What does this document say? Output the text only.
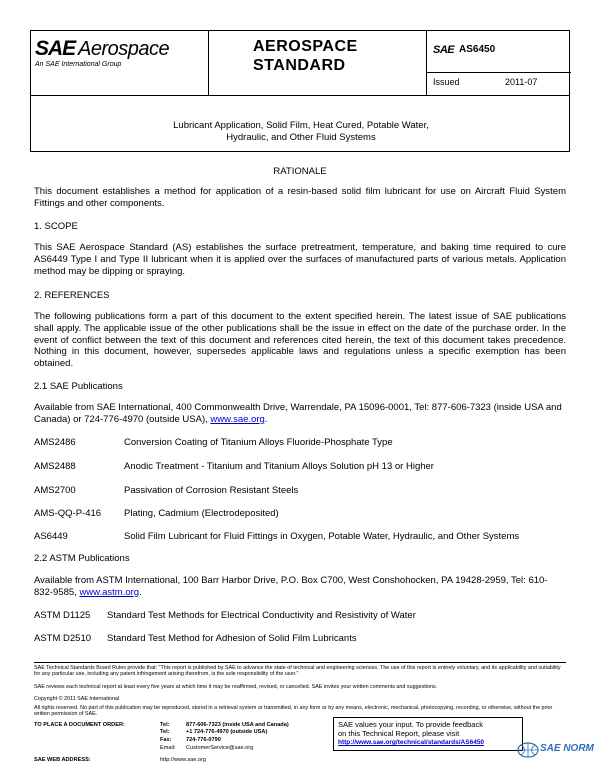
SAE Aerospace
An SAE International Group
AEROSPACE
STANDARD
SAE AS6450
Issued	2011-07
Lubricant Application, Solid Film, Heat Cured, Potable Water,
Hydraulic, and Other Fluid Systems
RATIONALE
This document establishes a method for application of a resin-based solid film lubricant for use on Aircraft Fluid System Fittings and other components.
1. SCOPE
This SAE Aerospace Standard (AS) establishes the surface pretreatment, temperature, and baking time required to cure AS6449 Type I and Type II lubricant when it is applied over the surfaces of manufactured parts of various metals. Application method may be dipping or spraying.
2. REFERENCES
The following publications form a part of this document to the extent specified herein. The latest issue of SAE publications shall apply. The applicable issue of the other publications shall be the issue in effect on the date of the purchase order. In the event of conflict between the text of this document and references cited herein, the text of this document takes precedence. Nothing in this document, however, supersedes applicable laws and regulations unless a specific exemption has been obtained.
2.1 SAE Publications
Available from SAE International, 400 Commonwealth Drive, Warrendale, PA 15096-0001, Tel: 877-606-7323 (inside USA and Canada) or 724-776-4970 (outside USA), www.sae.org.
AMS2486	Conversion Coating of Titanium Alloys Fluoride-Phosphate Type
AMS2488	Anodic Treatment - Titanium and Titanium Alloys Solution pH 13 or Higher
AMS2700	Passivation of Corrosion Resistant Steels
AMS-QQ-P-416 Plating, Cadmium (Electrodeposited)
AS6449	Solid Film Lubricant for Fluid Fittings in Oxygen, Potable Water, Hydraulic, and Other Systems
2.2 ASTM Publications
Available from ASTM International, 100 Barr Harbor Drive, P.O. Box C700, West Conshohocken, PA 19428-2959, Tel: 610-832-9585, www.astm.org.
ASTM D1125 Standard Test Methods for Electrical Conductivity and Resistivity of Water
ASTM D2510 Standard Test Method for Adhesion of Solid Film Lubricants
SAE Technical Standards Board Rules provide that: "This report is published by SAE to advance the state of technical and engineering sciences. The use of this report is entirely voluntary, and its applicability and suitability for any particular use, including any patent infringement arising therefrom, is the sole responsibility of the user."
SAE reviews each technical report at least every five years at which time it may be reaffirmed, revised, or cancelled. SAE invites your written comments and suggestions.
Copyright © 2011 SAE International
All rights reserved. No part of this publication may be reproduced, stored in a retrieval system or transmitted, in any form or by any means, electronic, mechanical, photocopying, recording, or otherwise, without the prior written permission of SAE.
TO PLACE A DOCUMENT ORDER:	Tel:	877-606-7323 (inside USA and Canada)
Tel:	+1 724-776-4970 (outside USA)
Fax:	724-776-0790
Email: CustomerService@sae.org
SAE WEB ADDRESS:	http://www.sae.org
SAE values your input. To provide feedback
on this Technical Report, please visit
http://www.sae.org/technical/standards/AS6450
SAE NORM
